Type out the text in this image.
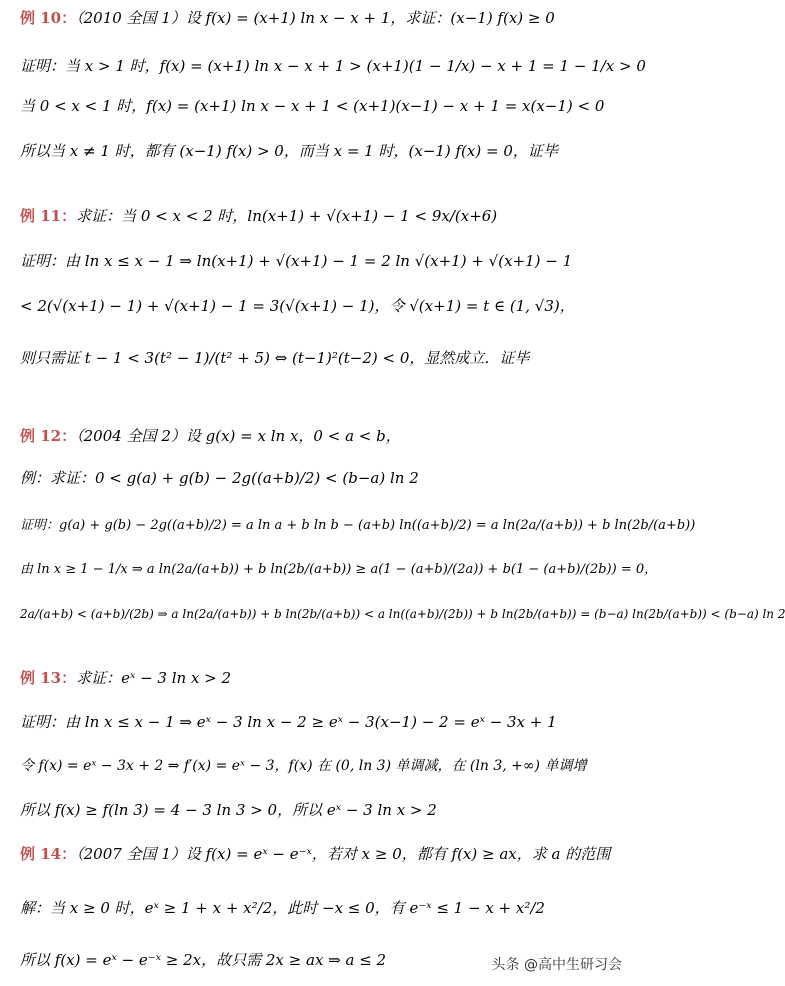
例 10：（2010 全国 1）设 f(x) = (x+1) ln x − x + 1，求证：(x−1) f(x) ≥ 0
证明：当 x > 1 时，f(x) = (x+1) ln x − x + 1 > (x+1)(1 − 1/x) − x + 1 = 1 − 1/x > 0
当 0 < x < 1 时，f(x) = (x+1) ln x − x + 1 < (x+1)(x−1) − x + 1 = x(x−1) < 0
所以当 x ≠ 1 时，都有 (x−1) f(x) > 0，而当 x = 1 时，(x−1) f(x) = 0，证毕
例 11：求证：当 0 < x < 2 时，ln(x+1) + √(x+1) − 1 < 9x/(x+6)
证明：由 ln x ≤ x − 1 ⇒ ln(x+1) + √(x+1) − 1 = 2 ln √(x+1) + √(x+1) − 1
< 2(√(x+1) − 1) + √(x+1) − 1 = 3(√(x+1) − 1)，令 √(x+1) = t ∈ (1, √3)，
则只需证 t − 1 < 3(t² − 1)/(t² + 5) ⇔ (t−1)²(t−2) < 0，显然成立．证毕
例 12：（2004 全国 2）设 g(x) = x ln x，0 < a < b，
例：求证：0 < g(a) + g(b) − 2g((a+b)/2) < (b−a) ln 2
证明：g(a) + g(b) − 2g((a+b)/2) = a ln a + b ln b − (a+b) ln((a+b)/2) = a ln(2a/(a+b)) + b ln(2b/(a+b))
由 ln x ≥ 1 − 1/x ⇒ a ln(2a/(a+b)) + b ln(2b/(a+b)) ≥ a(1 − (a+b)/(2a)) + b(1 − (a+b)/(2b)) = 0，
2a/(a+b) < (a+b)/(2b) ⇒ a ln(2a/(a+b)) + b ln(2b/(a+b)) < a ln((a+b)/(2b)) + b ln(2b/(a+b)) = (b−a) ln(2b/(a+b)) < (b−a) ln 2
例 13：求证：eˣ − 3 ln x > 2
证明：由 ln x ≤ x − 1 ⇒ eˣ − 3 ln x − 2 ≥ eˣ − 3(x−1) − 2 = eˣ − 3x + 1
令 f(x) = eˣ − 3x + 2 ⇒ f′(x) = eˣ − 3，f(x) 在 (0, ln 3) 单调减，在 (ln 3, +∞) 单调增
所以 f(x) ≥ f(ln 3) = 4 − 3 ln 3 > 0，所以 eˣ − 3 ln x > 2
例 14：（2007 全国 1）设 f(x) = eˣ − e⁻ˣ，若对 x ≥ 0，都有 f(x) ≥ ax，求 a 的范围
解：当 x ≥ 0 时，eˣ ≥ 1 + x + x²/2，此时 −x ≤ 0，有 e⁻ˣ ≤ 1 − x + x²/2
所以 f(x) = eˣ − e⁻ˣ ≥ 2x，故只需 2x ≥ ax ⇒ a ≤ 2	头条 @高中生研习会
